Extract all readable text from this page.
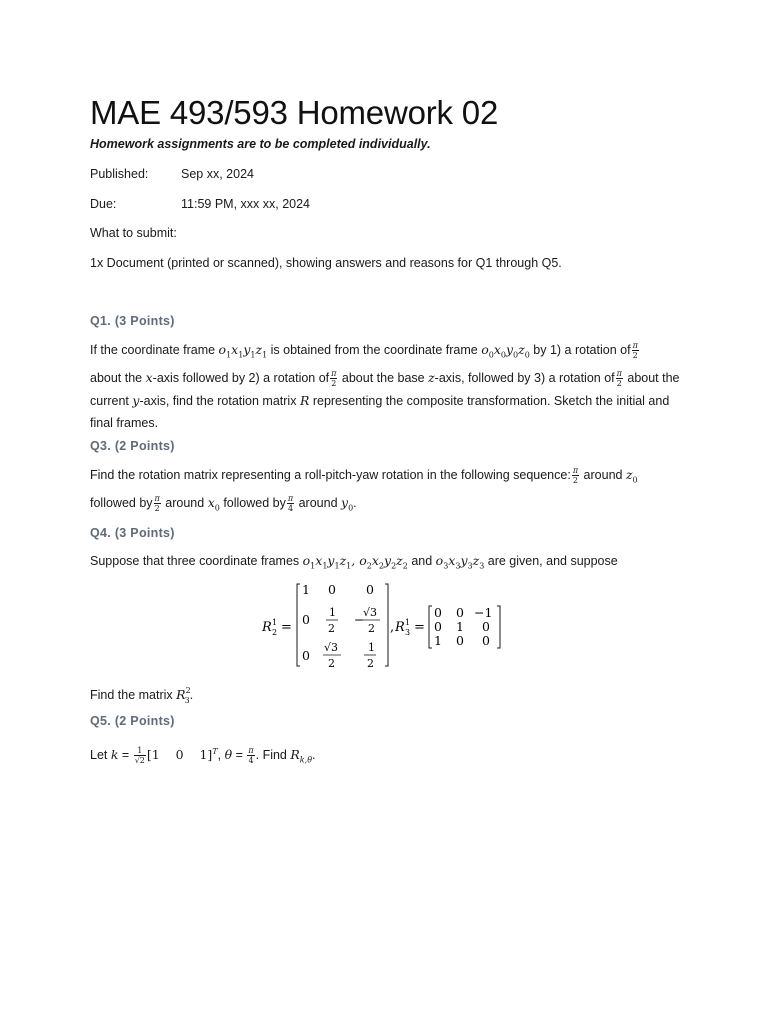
MAE 493/593 Homework 02
Homework assignments are to be completed individually.
Published:	Sep xx, 2024
Due:	11:59 PM, xxx xx, 2024
What to submit:
1x Document (printed or scanned), showing answers and reasons for Q1 through Q5.
Q1. (3 Points)
If the coordinate frame $o_1x_1y_1z_1$ is obtained from the coordinate frame $o_0x_0y_0z_0$ by 1) a rotation of $\frac{\pi}{2}$

about the x-axis followed by 2) a rotation of $\frac{\pi}{2}$ about the base z-axis, followed by 3) a rotation of $\frac{\pi}{2}$ about the current y-axis, find the rotation matrix R representing the composite transformation. Sketch the initial and final frames.
Q3. (2 Points)
Find the rotation matrix representing a roll-pitch-yaw rotation in the following sequence: $\frac{\pi}{2}$ around $z_0$
followed by $\frac{\pi}{2}$ around $x_0$ followed by $\frac{\pi}{4}$ around $y_0$.
Q4. (3 Points)
Suppose that three coordinate frames $o_1x_1y_1z_1$, $o_2x_2y_2z_2$ and $o_3x_3y_3z_3$ are given, and suppose
R 1
2 =
1 0 0
0 1
2
−
√3
2
0
√3
2
1
2
, R 1
3 =
0 0 −1
0 1 0
1 0 0
Find the matrix $R^2_3$.
Q5. (2 Points)
Let $k = \frac{1}{√2} [1$    0    1]$^T$, $\theta = \frac{\pi}{4}$ . Find $R_{k,\theta}$.
